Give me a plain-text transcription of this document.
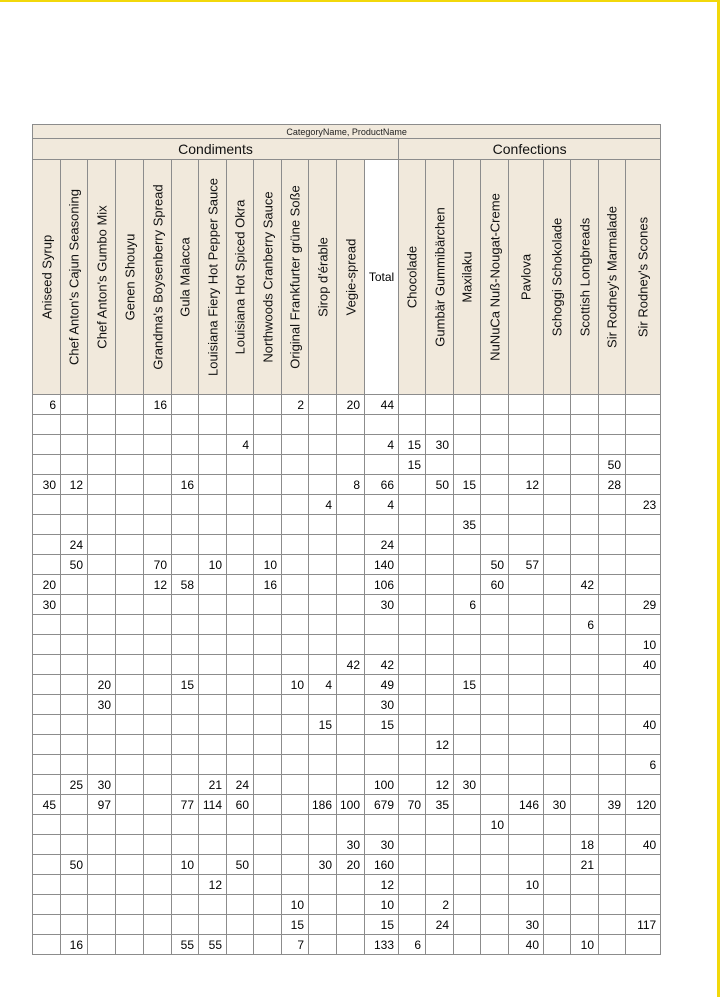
CategoryName, ProductName																					
Condiments													Confections								

Aniseed Syrup	Chef Anton's Cajun Seasoning	Chef Anton's Gumbo Mix	Genen Shouyu	Grandma's Boysenberry Spread	Gula Malacca	Louisiana Fiery Hot Pepper Sauce	Louisiana Hot Spiced Okra	Northwoods Cranberry Sauce	Original Frankfurter grüne Soße	Sirop d'érable	Vegie-spread	Total	Chocolade	Gumbär Gummibärchen	Maxilaku	NuNuCa Nuß-Nougat-Creme	Pavlova	Schoggi Schokolade	Scottish Longbreads	Sir Rodney's Marmalade	Sir Rodney's Scones

6				16					2		20	44									

							4					4	15	30							
													15							50	
30	12				16						8	66		50	15		12			28	
										4		4									23
															35						
	24											24									
	50			70		10		10				140				50	57				
20				12	58			16				106				60			42		
30												30			6						29
																			6		
																					10
											42	42									40
		20			15				10	4		49			15						
		30										30									
										15		15									40
														12							
																					6
	25	30				21	24					100		12	30						
45		97			77	114	60			186	100	679	70	35			146	30		39	120
																10					
											30	30							18		40
	50				10		50			30	20	160							21		
						12						12					10				
									10			10		2							
									15			15		24			30				117
	16				55	55			7			133	6				40		10		
